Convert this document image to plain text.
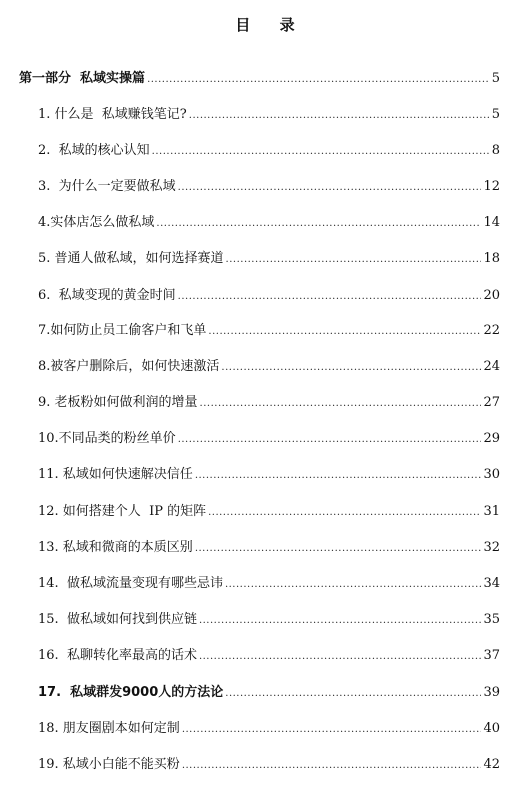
目 录
第一部分  私域实操篇 .....	5
1. 什么是  私域赚钱笔记? .....	5
2.  私域的核心认知 .....	8
3.  为什么一定要做私域 .....	12
4.实体店怎么做私域 .....	14
5. 普通人做私域，如何选择赛道 .....	18
6.  私域变现的黄金时间 .....	20
7.如何防止员工偷客户和飞单 .....	22
8.被客户删除后，如何快速激活 .....	24
9. 老板粉如何做利润的增量 .....	27
10.不同品类的粉丝单价 .....	29
11. 私域如何快速解决信任 .....	30
12. 如何搭建个人  IP 的矩阵 .....	31
13. 私域和微商的本质区别 .....	32
14.  做私域流量变现有哪些忌讳 .....	34
15.  做私域如何找到供应链 .....	35
16.  私聊转化率最高的话术 .....	37
17.  私域群发9000人的方法论 .....	39
18. 朋友圈剧本如何定制 .....	40
19. 私域小白能不能买粉 .....	42
